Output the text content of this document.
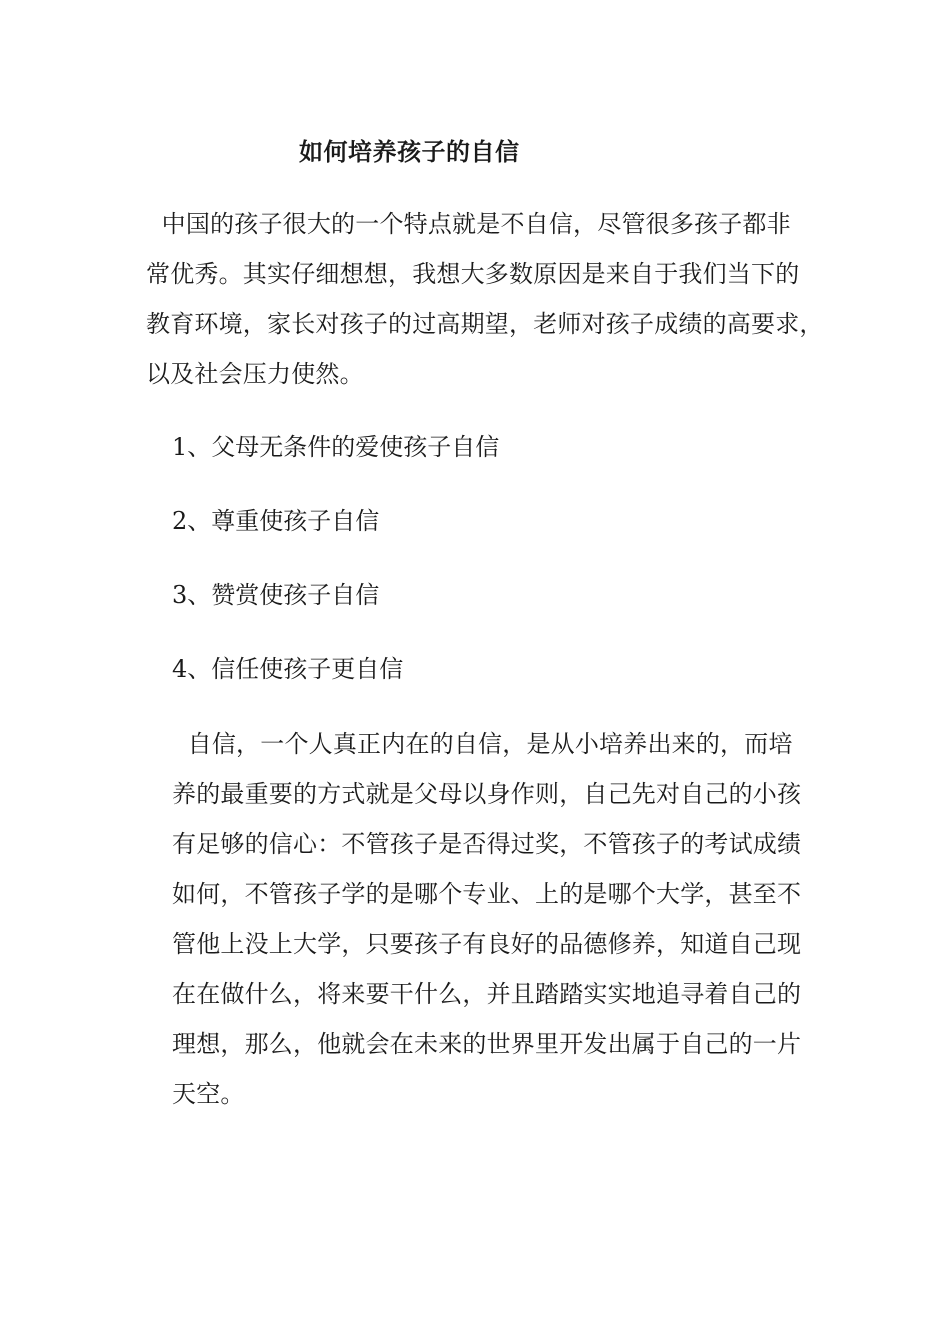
如何培养孩子的自信

中国的孩子很大的一个特点就是不自信，尽管很多孩子都非
常优秀。其实仔细想想，我想大多数原因是来自于我们当下的
教育环境，家长对孩子的过高期望，老师对孩子成绩的高要求，
以及社会压力使然。

1、父母无条件的爱使孩子自信

2、尊重使孩子自信

3、赞赏使孩子自信

4、信任使孩子更自信

自信，一个人真正内在的自信，是从小培养出来的，而培
养的最重要的方式就是父母以身作则，自己先对自己的小孩
有足够的信心：不管孩子是否得过奖，不管孩子的考试成绩
如何，不管孩子学的是哪个专业、上的是哪个大学，甚至不
管他上没上大学，只要孩子有良好的品德修养，知道自己现
在在做什么，将来要干什么，并且踏踏实实地追寻着自己的
理想，那么，他就会在未来的世界里开发出属于自己的一片
天空。
